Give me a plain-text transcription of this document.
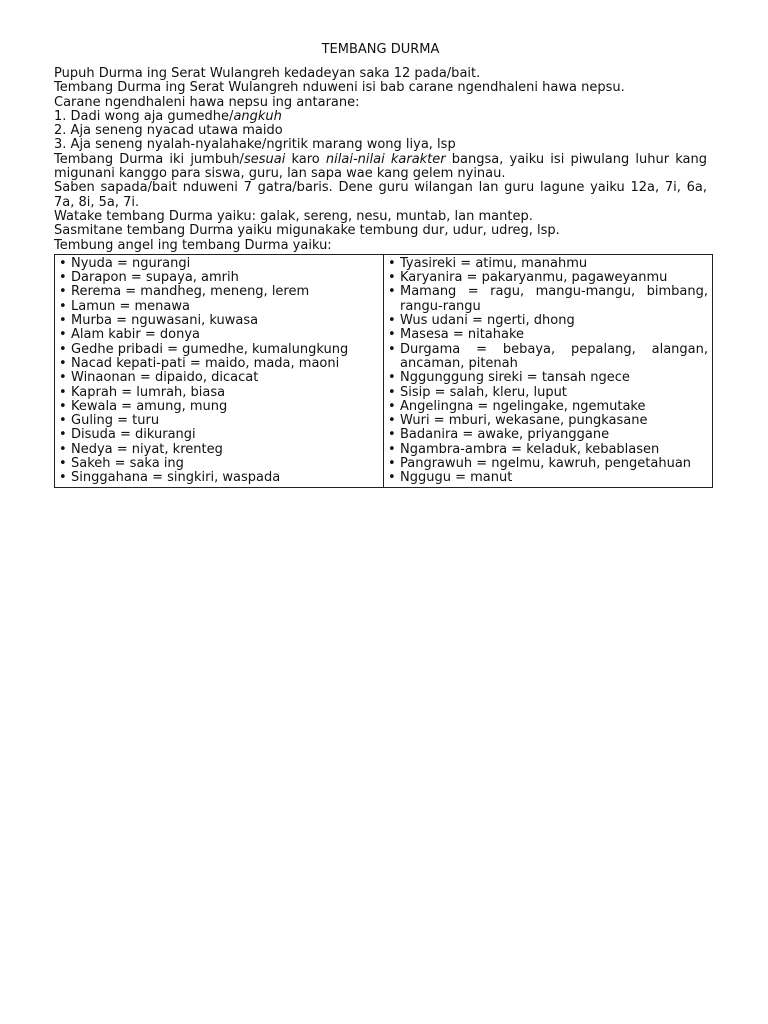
TEMBANG DURMA

Pupuh Durma ing Serat Wulangreh kedadeyan saka 12 pada/bait.

Tembang Durma ing Serat Wulangreh nduweni isi bab carane ngendhaleni hawa nepsu.

Carane ngendhaleni hawa nepsu ing antarane:

1. Dadi wong aja gumedhe/angkuh

2. Aja seneng nyacad utawa maido

3. Aja seneng nyalah-nyalahake/ngritik marang wong liya, lsp

Tembang Durma iki jumbuh/sesuai karo nilai-nilai karakter bangsa, yaiku isi piwulang luhur kang migunani kanggo para siswa, guru, lan sapa wae kang gelem nyinau.

Saben sapada/bait nduweni 7 gatra/baris. Dene guru wilangan lan guru lagune yaiku 12a, 7i, 6a, 7a, 8i, 5a, 7i.

Watake tembang Durma yaiku: galak, sereng, nesu, muntab, lan mantep.

Sasmitane tembang Durma yaiku migunakake tembung dur, udur, udreg, lsp.

Tembung angel ing tembang Durma yaiku:

• Nyuda = ngurangi
• Darapon = supaya, amrih
• Rerema = mandheg, meneng, lerem
• Lamun = menawa
• Murba = nguwasani, kuwasa
• Alam kabir = donya
• Gedhe pribadi = gumedhe, kumalungkung
• Nacad kepati-pati = maido, mada, maoni
• Winaonan = dipaido, dicacat
• Kaprah = lumrah, biasa
• Kewala = amung, mung
• Guling = turu
• Disuda = dikurangi
• Nedya = niyat, krenteg
• Sakeh = saka ing
• Singgahana = singkiri, waspada

• Tyasireki = atimu, manahmu
• Karyanira = pakaryanmu, pagaweyanmu
• Mamang = ragu, mangu-mangu, bimbang, rangu-rangu
• Wus udani = ngerti, dhong
• Masesa = nitahake
• Durgama = bebaya, pepalang, alangan, ancaman, pitenah
• Nggunggung sireki = tansah ngece
• Sisip = salah, kleru, luput
• Angelingna = ngelingake, ngemutake
• Wuri = mburi, wekasane, pungkasane
• Badanira = awake, priyanggane
• Ngambra-ambra = keladuk, kebablasen
• Pangrawuh = ngelmu, kawruh, pengetahuan
• Nggugu = manut
